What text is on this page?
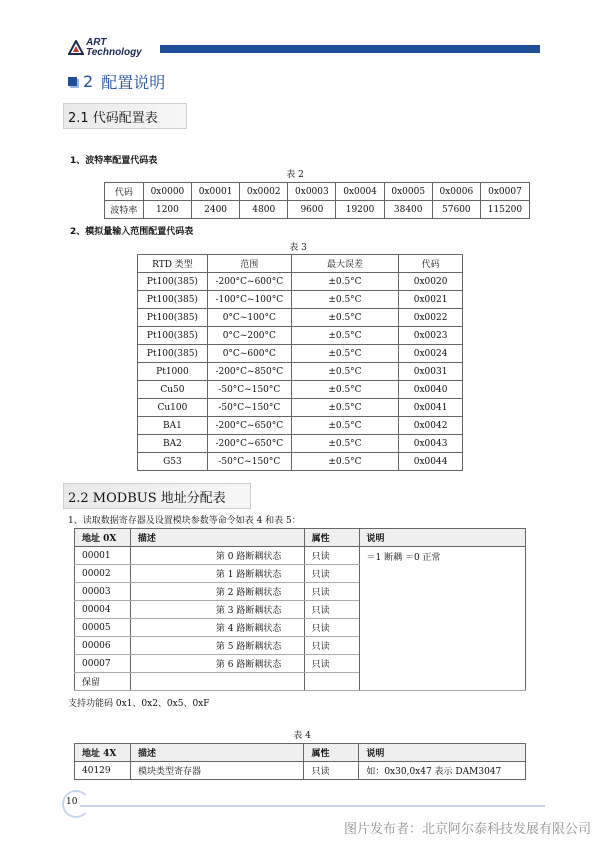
ART
Technology
2 配置说明
2.1 代码配置表
1、波特率配置代码表
表 2
代码	0x0000	0x0001	0x0002	0x0003	0x0004	0x0005	0x0006	0x0007
波特率	1200	2400	4800	9600	19200	38400	57600	115200
2、模拟量输入范围配置代码表
表 3
RTD 类型	范围	最大误差	代码
Pt100(385)	-200°C~600°C	±0.5°C	0x0020
Pt100(385)	-100°C~100°C	±0.5°C	0x0021
Pt100(385)	0°C~100°C	±0.5°C	0x0022
Pt100(385)	0°C~200°C	±0.5°C	0x0023
Pt100(385)	0°C~600°C	±0.5°C	0x0024
Pt1000	-200°C~850°C	±0.5°C	0x0031
Cu50	-50°C~150°C	±0.5°C	0x0040
Cu100	-50°C~150°C	±0.5°C	0x0041
BA1	-200°C~650°C	±0.5°C	0x0042
BA2	-200°C~650°C	±0.5°C	0x0043
G53	-50°C~150°C	±0.5°C	0x0044
2.2 MODBUS 地址分配表
1、读取数据寄存器及设置模块参数等命令如表 4 和表 5：
地址 0X	描述	属性	说明
00001	第 0 路断耦状态	只读	＝1 断耦 ＝0 正常
00002	第 1 路断耦状态	只读	
00003	第 2 路断耦状态	只读	
00004	第 3 路断耦状态	只读	
00005	第 4 路断耦状态	只读	
00006	第 5 路断耦状态	只读	
00007	第 6 路断耦状态	只读	
保留			
支持功能码 0x1、0x2、0x5、0xF
表 4
地址 4X	描述	属性	说明
40129	模块类型寄存器	只读	如：0x30,0x47 表示 DAM3047
10
图片发布者：北京阿尔泰科技发展有限公司
